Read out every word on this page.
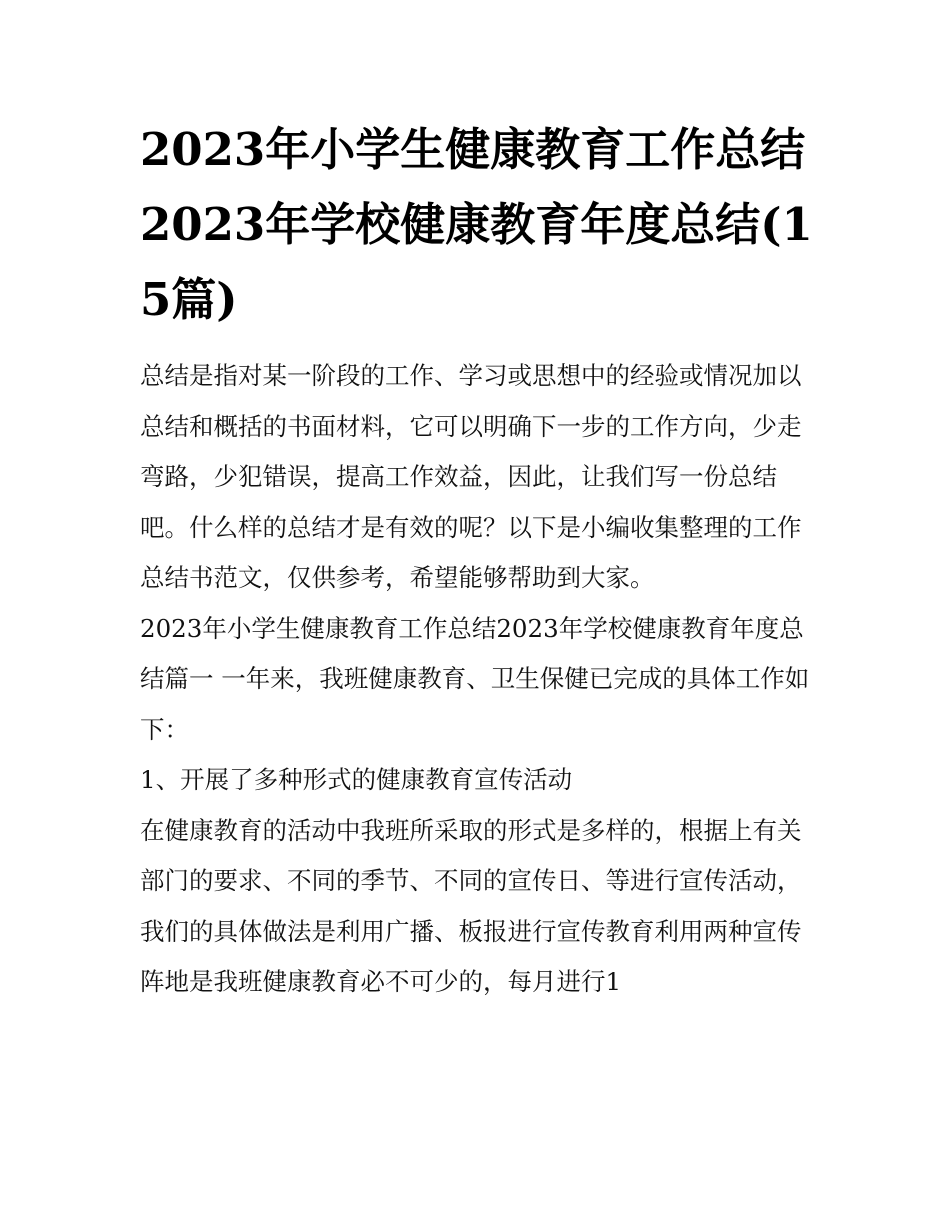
2023年小学生健康教育工作总结2023年学校健康教育年度总结(15篇)

总结是指对某一阶段的工作、学习或思想中的经验或情况加以总结和概括的书面材料，它可以明确下一步的工作方向，少走弯路，少犯错误，提高工作效益，因此，让我们写一份总结吧。什么样的总结才是有效的呢？以下是小编收集整理的工作总结书范文，仅供参考，希望能够帮助到大家。

2023年小学生健康教育工作总结2023年学校健康教育年度总结篇一 一年来，我班健康教育、卫生保健已完成的具体工作如下：

1、开展了多种形式的健康教育宣传活动

在健康教育的活动中我班所采取的形式是多样的，根据上有关部门的要求、不同的季节、不同的宣传日、等进行宣传活动，我们的具体做法是利用广播、板报进行宣传教育利用两种宣传阵地是我班健康教育必不可少的，每月进行1
